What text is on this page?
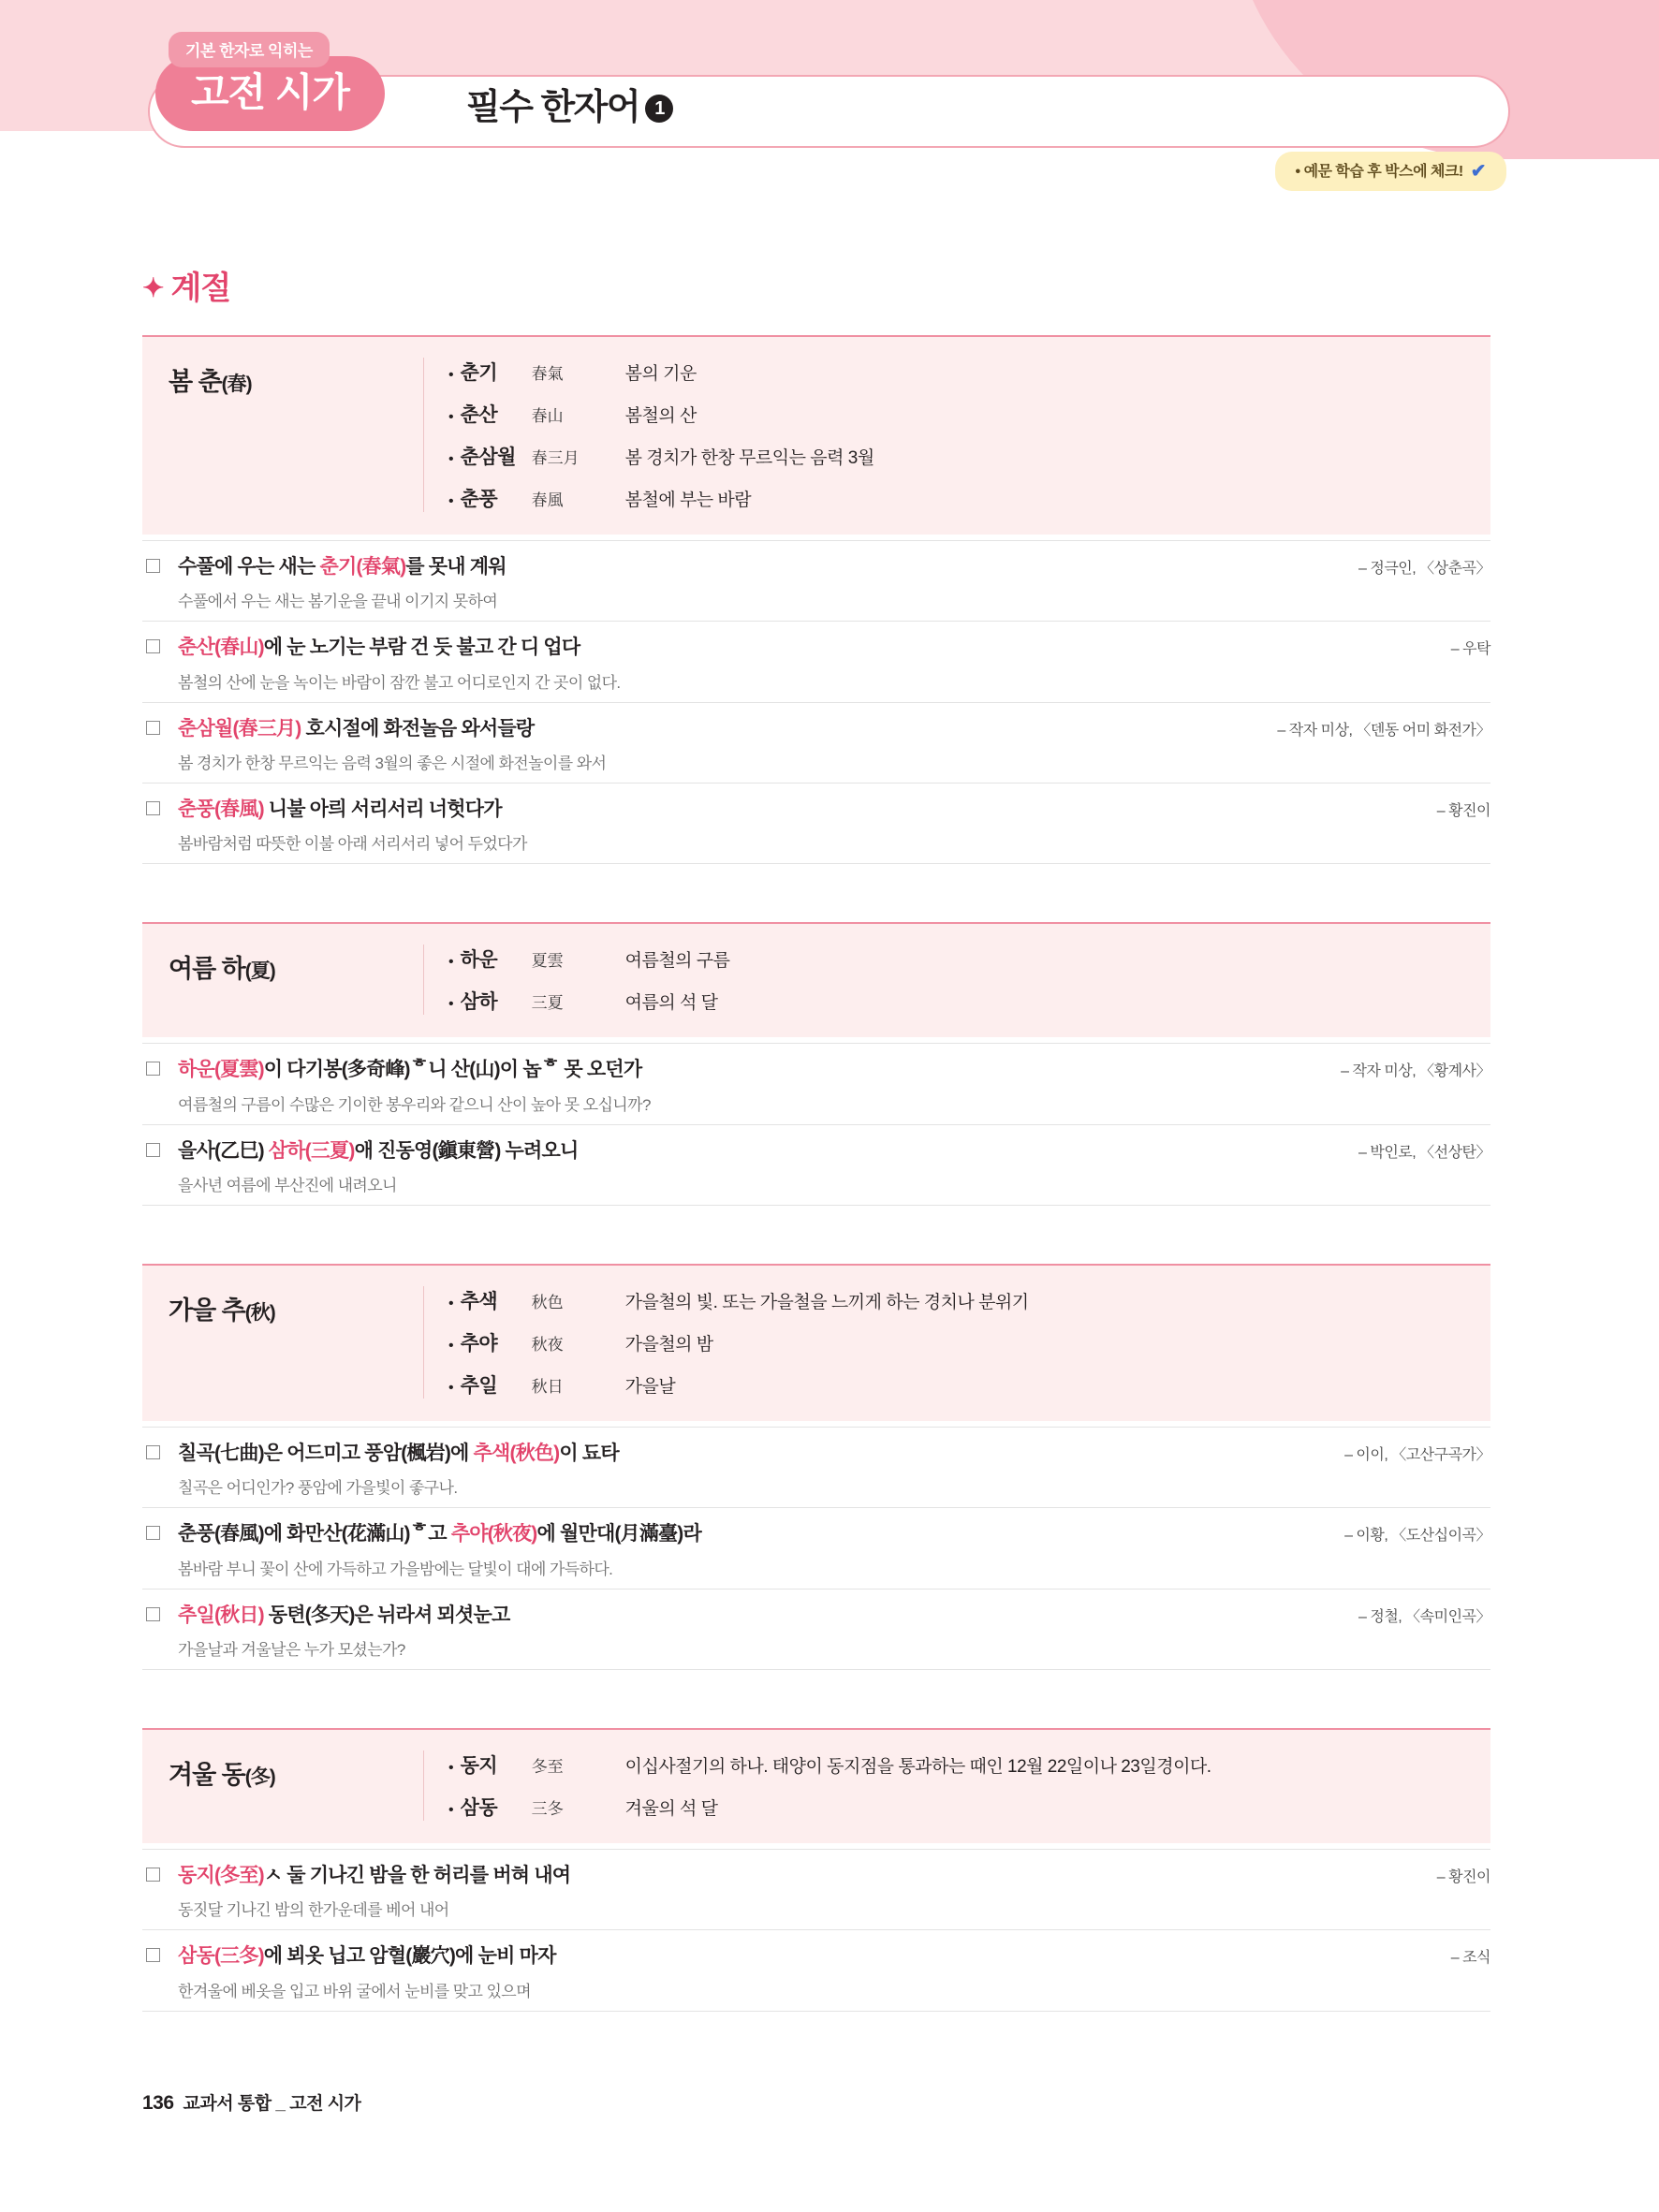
기본 한자로 익히는
고전 시가	필수 한자어 1
• 예문 학습 후 박스에 체크! ✔
✦ 계절
봄 춘(春)	• 춘기	春氣	봄의 기운
• 춘산	春山	봄철의 산
• 춘삼월 春三月	봄 경치가 한창 무르익는 음력 3월
• 춘풍	春風	봄철에 부는 바람
수풀에 우는 새는 춘기(春氣)를 못내 계워	– 정극인, 〈상춘곡〉
수풀에서 우는 새는 봄기운을 끝내 이기지 못하여
춘산(春山)에 눈 노기는 부람 건 듯 불고 간 디 업다	– 우탁
봄철의 산에 눈을 녹이는 바람이 잠깐 불고 어디로인지 간 곳이 없다.
춘삼월(春三月) 호시절에 화전놀음 와서들랑	– 작자 미상, 〈덴동 어미 화전가〉
봄 경치가 한창 무르익는 음력 3월의 좋은 시절에 화전놀이를 와서
춘풍(春風) 니불 아릐 서리서리 너헛다가	– 황진이
봄바람처럼 따뜻한 이불 아래 서리서리 넣어 두었다가
여름 하(夏)	• 하운	夏雲	여름철의 구름
• 삼하	三夏	여름의 석 달
하운(夏雲)이 다기봉(多奇峰)ᄒ니 산(山)이 놉ᄒ 못 오던가	– 작자 미상, 〈황계사〉
여름철의 구름이 수많은 기이한 봉우리와 같으니 산이 높아 못 오십니까?
을사(乙巳) 삼하(三夏)애 진동영(鎭東營) 누려오니	– 박인로, 〈선상탄〉
을사년 여름에 부산진에 내려오니
가을 추(秋)	• 추색	秋色	가을철의 빛. 또는 가을철을 느끼게 하는 경치나 분위기
• 추야	秋夜	가을철의 밤
• 추일	秋日	가을날
칠곡(七曲)은 어드미고 풍암(楓岩)에 추색(秋色)이 됴타	– 이이, 〈고산구곡가〉
칠곡은 어디인가? 풍암에 가을빛이 좋구나.
춘풍(春風)에 화만산(花滿山)ᄒ고 추야(秋夜)에 월만대(月滿臺)라	– 이황, 〈도산십이곡〉
봄바람 부니 꽃이 산에 가득하고 가을밤에는 달빛이 대에 가득하다.
추일(秋日) 동텬(冬天)은 뉘라셔 뫼셧눈고	– 정철, 〈속미인곡〉
가을날과 겨울날은 누가 모셨는가?
겨울 동(冬)	• 동지	冬至	이십사절기의 하나. 태양이 동지점을 통과하는 때인 12월 22일이나 23일경이다.
• 삼동	三冬	겨울의 석 달
동지(冬至)ㅅ 둘 기나긴 밤을 한 허리를 버혀 내여	– 황진이
동짓달 기나긴 밤의 한가운데를 베어 내어
삼동(三冬)에 뵈옷 닙고 암혈(巖穴)에 눈비 마자	– 조식
한겨울에 베옷을 입고 바위 굴에서 눈비를 맞고 있으며
136 교과서 통합 _ 고전 시가
